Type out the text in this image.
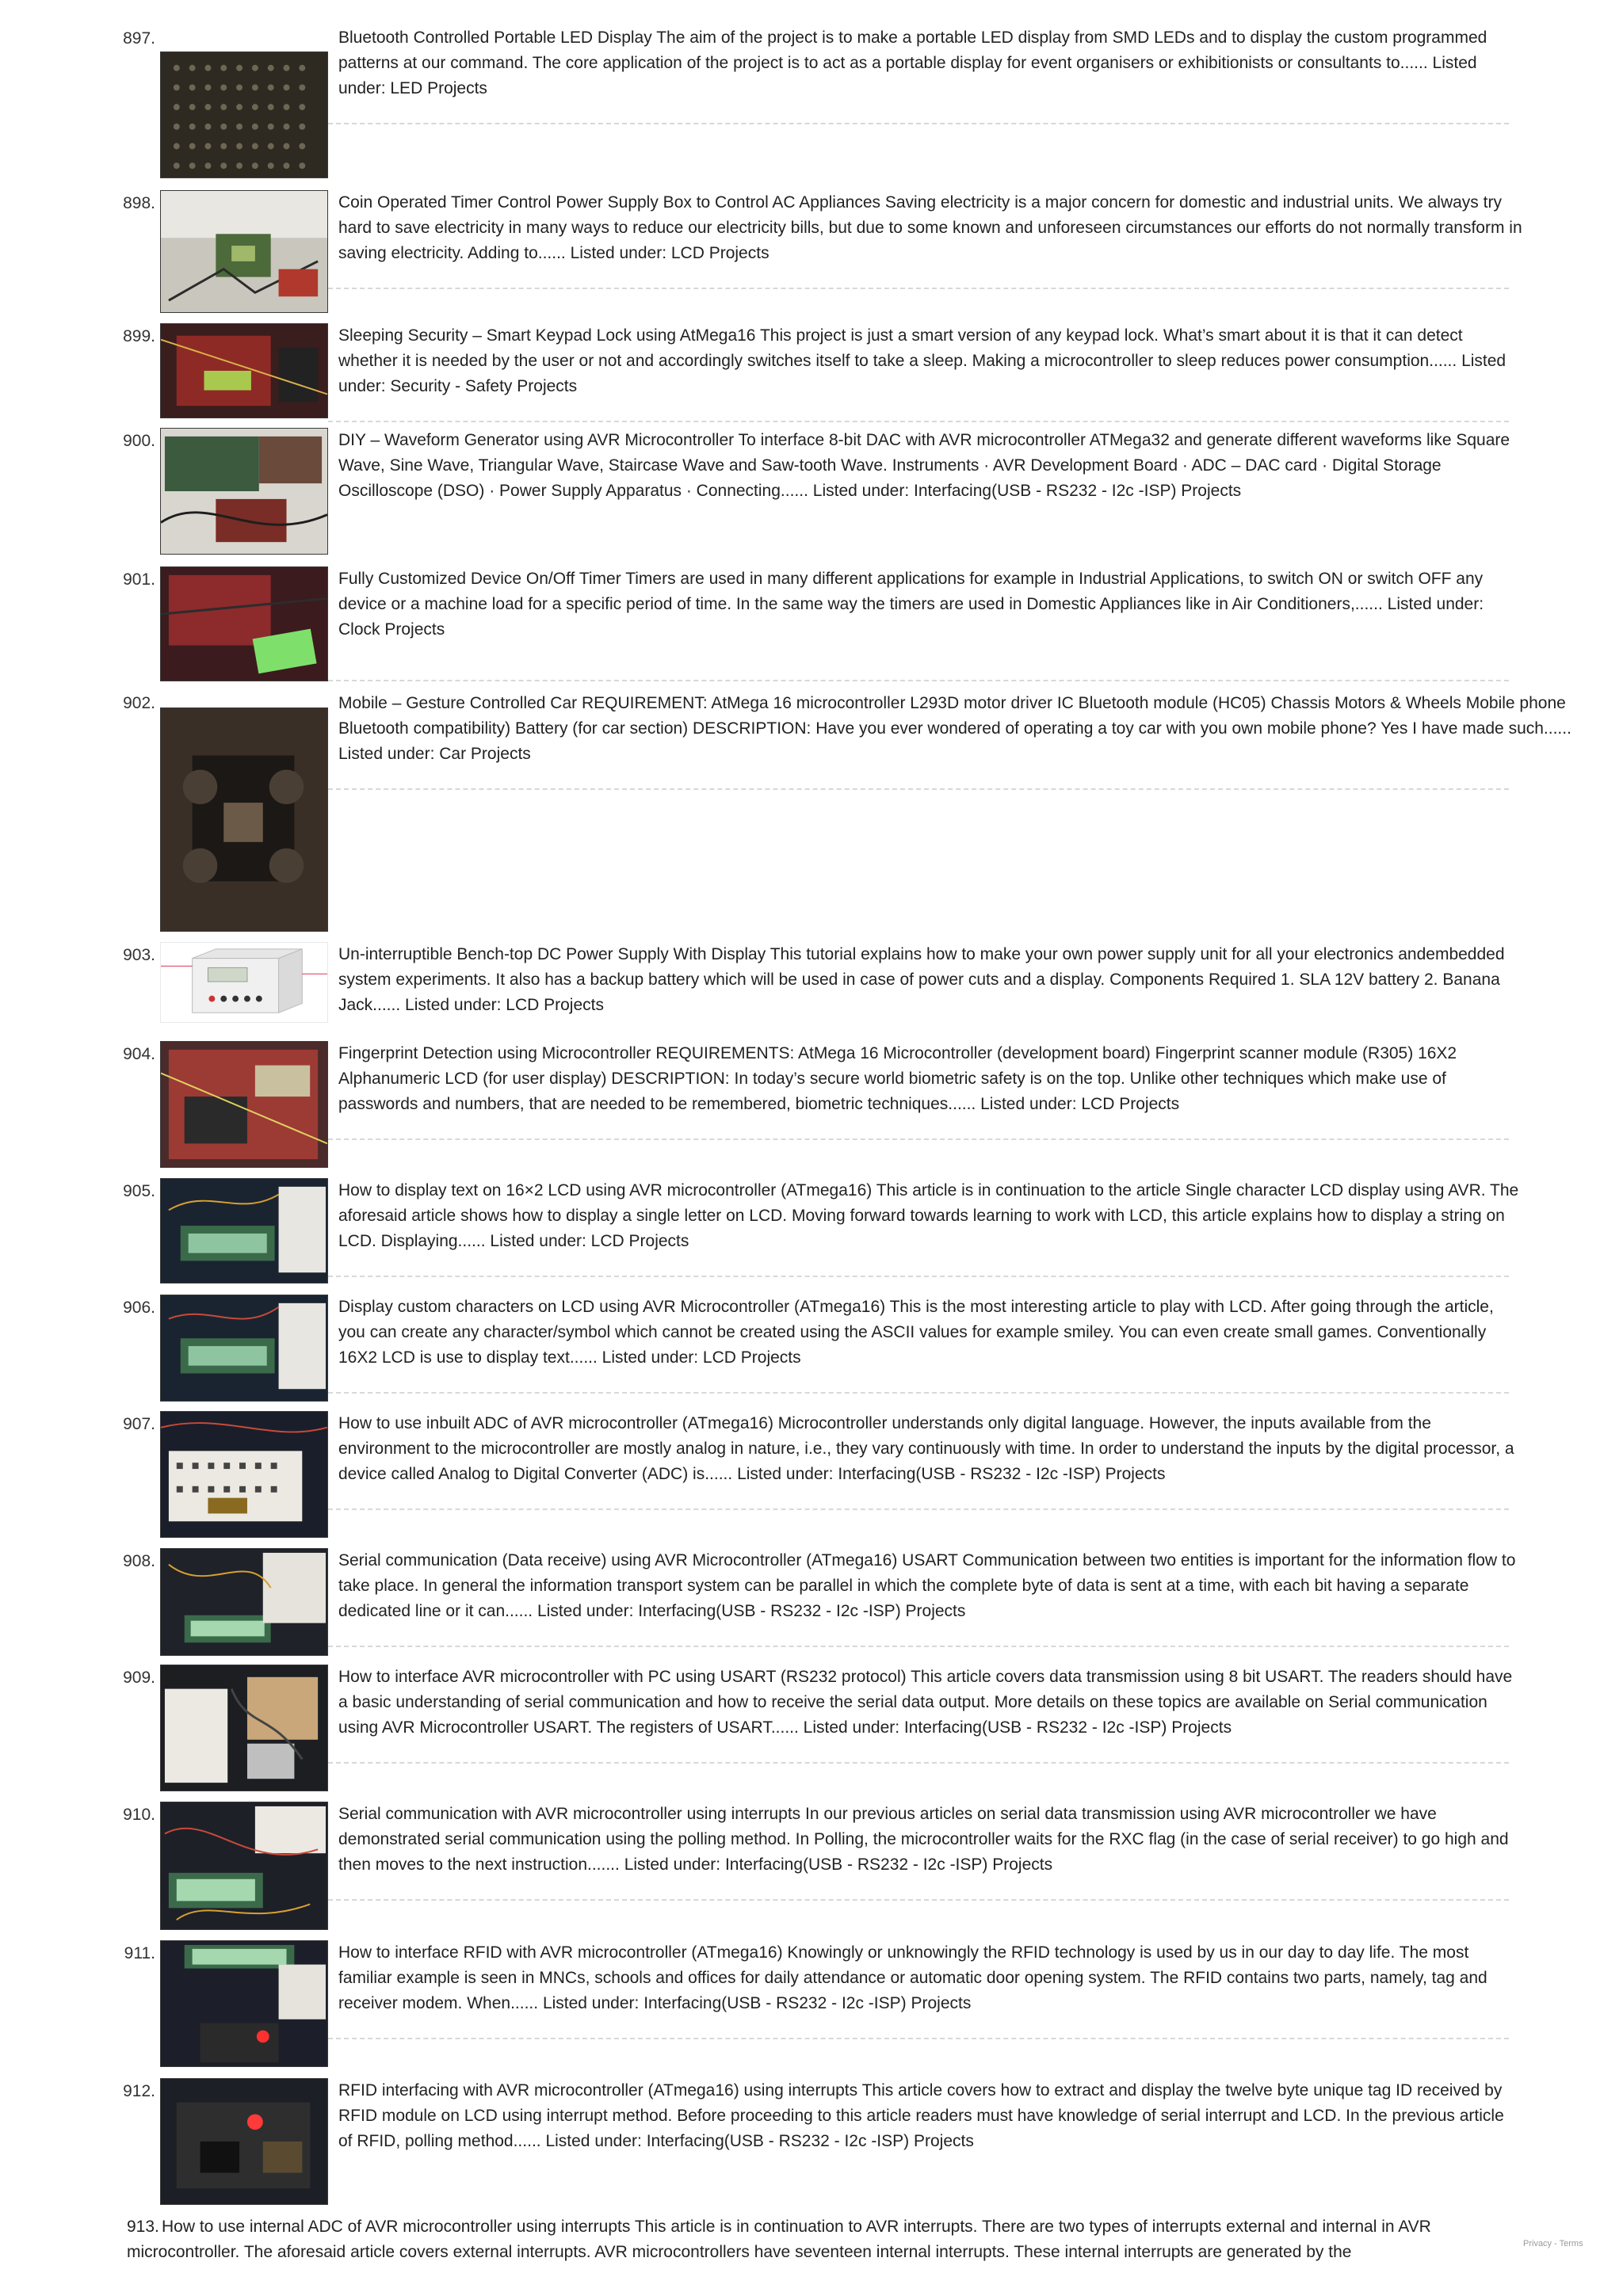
897.	Bluetooth Controlled Portable LED Display The aim of the project is to make a portable LED display from SMD LEDs and to display the custom programmed patterns at our command. The core application of the project is to act as a portable display for event organisers or exhibitionists or consultants to...... Listed under: LED Projects
898.	Coin Operated Timer Control Power Supply Box to Control AC Appliances Saving electricity is a major concern for domestic and industrial units. We always try hard to save electricity in many ways to reduce our electricity bills, but due to some known and unforeseen circumstances our efforts do not normally transform in saving electricity. Adding to...... Listed under: LCD Projects
899.	Sleeping Security – Smart Keypad Lock using AtMega16 This project is just a smart version of any keypad lock. What’s smart about it is that it can detect whether it is needed by the user or not and accordingly switches itself to take a sleep. Making a microcontroller to sleep reduces power consumption...... Listed under: Security - Safety Projects
900.	DIY – Waveform Generator using AVR Microcontroller To interface 8-bit DAC with AVR microcontroller ATMega32 and generate different waveforms like Square Wave, Sine Wave, Triangular Wave, Staircase Wave and Saw-tooth Wave. Instruments · AVR Development Board · ADC – DAC card · Digital Storage Oscilloscope (DSO) · Power Supply Apparatus · Connecting...... Listed under: Interfacing(USB - RS232 - I2c -ISP) Projects
901.	Fully Customized Device On/Off Timer Timers are used in many different applications for example in Industrial Applications, to switch ON or switch OFF any device or a machine load for a specific period of time. In the same way the timers are used in Domestic Appliances like in Air Conditioners,...... Listed under: Clock Projects
902.	Mobile – Gesture Controlled Car REQUIREMENT: AtMega 16 microcontroller L293D motor driver IC Bluetooth module (HC05) Chassis Motors & Wheels Mobile phone Bluetooth compatibility) Battery (for car section) DESCRIPTION: Have you ever wondered of operating a toy car with you own mobile phone? Yes I have made such...... Listed under: Car Projects
903.	Un-interruptible Bench-top DC Power Supply With Display This tutorial explains how to make your own power supply unit for all your electronics andembedded system experiments. It also has a backup battery which will be used in case of power cuts and a display. Components Required 1. SLA 12V battery 2. Banana Jack...... Listed under: LCD Projects
904.	Fingerprint Detection using Microcontroller REQUIREMENTS: AtMega 16 Microcontroller (development board) Fingerprint scanner module (R305) 16X2 Alphanumeric LCD (for user display) DESCRIPTION: In today’s secure world biometric safety is on the top. Unlike other techniques which make use of passwords and numbers, that are needed to be remembered, biometric techniques...... Listed under: LCD Projects
905.	How to display text on 16×2 LCD using AVR microcontroller (ATmega16) This article is in continuation to the article Single character LCD display using AVR. The aforesaid article shows how to display a single letter on LCD. Moving forward towards learning to work with LCD, this article explains how to display a string on LCD. Displaying...... Listed under: LCD Projects
906.	Display custom characters on LCD using AVR Microcontroller (ATmega16) This is the most interesting article to play with LCD. After going through the article, you can create any character/symbol which cannot be created using the ASCII values for example smiley. You can even create small games. Conventionally 16X2 LCD is use to display text...... Listed under: LCD Projects
907.	How to use inbuilt ADC of AVR microcontroller (ATmega16) Microcontroller understands only digital language. However, the inputs available from the environment to the microcontroller are mostly analog in nature, i.e., they vary continuously with time. In order to understand the inputs by the digital processor, a device called Analog to Digital Converter (ADC) is...... Listed under: Interfacing(USB - RS232 - I2c -ISP) Projects
908.	Serial communication (Data receive) using AVR Microcontroller (ATmega16) USART Communication between two entities is important for the information flow to take place. In general the information transport system can be parallel in which the complete byte of data is sent at a time, with each bit having a separate dedicated line or it can...... Listed under: Interfacing(USB - RS232 - I2c -ISP) Projects
909.	How to interface AVR microcontroller with PC using USART (RS232 protocol) This article covers data transmission using 8 bit USART. The readers should have a basic understanding of serial communication and how to receive the serial data output. More details on these topics are available on Serial communication using AVR Microcontroller USART. The registers of USART...... Listed under: Interfacing(USB - RS232 - I2c -ISP) Projects
910.	Serial communication with AVR microcontroller using interrupts In our previous articles on serial data transmission using AVR microcontroller we have demonstrated serial communication using the polling method. In Polling, the microcontroller waits for the RXC flag (in the case of serial receiver) to go high and then moves to the next instruction....... Listed under: Interfacing(USB - RS232 - I2c -ISP) Projects
911.	How to interface RFID with AVR microcontroller (ATmega16) Knowingly or unknowingly the RFID technology is used by us in our day to day life. The most familiar example is seen in MNCs, schools and offices for daily attendance or automatic door opening system. The RFID contains two parts, namely, tag and receiver modem. When...... Listed under: Interfacing(USB - RS232 - I2c -ISP) Projects
912.	RFID interfacing with AVR microcontroller (ATmega16) using interrupts This article covers how to extract and display the twelve byte unique tag ID received by RFID module on LCD using interrupt method. Before proceeding to this article readers must have knowledge of serial interrupt and LCD. In the previous article of RFID, polling method...... Listed under: Interfacing(USB - RS232 - I2c -ISP) Projects
913. How to use internal ADC of AVR microcontroller using interrupts This article is in continuation to AVR interrupts. There are two types of interrupts external and internal in AVR microcontroller. The aforesaid article covers external interrupts. AVR microcontrollers have seventeen internal interrupts. These internal interrupts are generated by the	Privacy - Terms
